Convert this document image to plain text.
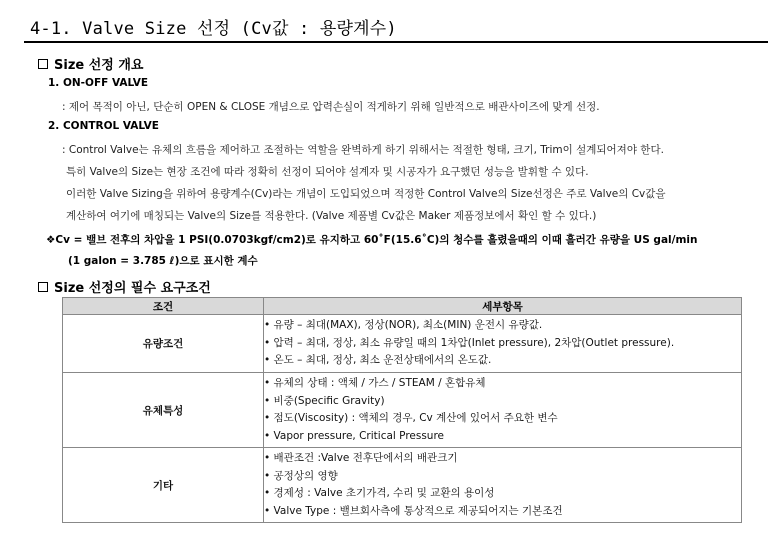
4-1. Valve Size 선정 (Cv값 : 용량계수)
Size 선정 개요
1. ON-OFF VALVE
: 제어 목적이 아닌, 단순히 OPEN & CLOSE 개념으로 압력손실이 적게하기 위해 일반적으로 배관사이즈에 맞게 선정.
2. CONTROL VALVE
: Control Valve는 유체의 흐름을 제어하고 조절하는 역할을 완벽하게 하기 위해서는 적절한 형태, 크기, Trim이 설계되어져야 한다.
특히 Valve의 Size는 현장 조건에 따라 정확히 선정이 되어야 설계자 및 시공자가 요구했던 성능을 발휘할 수 있다.
이러한 Valve Sizing을 위하여 용량계수(Cv)라는 개념이 도입되었으며 적정한 Control Valve의 Size선정은 주로 Valve의 Cv값을
계산하여 여기에 매칭되는 Valve의 Size를 적용한다. (Valve 제품별 Cv값은 Maker 제품정보에서 확인 할 수 있다.)
❖Cv = 밸브 전후의 차압을 1 PSI(0.0703kgf/cm2)로 유지하고 60˚F(15.6˚C)의 청수를 흘렸을때의 이때 흘러간 유량을 US gal/min
(1 galon = 3.785 ℓ)으로 표시한 계수
Size 선정의 필수 요구조건
조건	세부항목
유량조건	• 유량 – 최대(MAX), 정상(NOR), 최소(MIN) 운전시 유량값.
• 압력 – 최대, 정상, 최소 유량일 때의 1차압(Inlet pressure), 2차압(Outlet pressure).
• 온도 – 최대, 정상, 최소 운전상태에서의 온도값.

유체특성	• 유체의 상태 : 액체 / 가스 / STEAM / 혼합유체
• 비중(Specific Gravity)
• 점도(Viscosity) : 액체의 경우, Cv 계산에 있어서 주요한 변수
• Vapor pressure, Critical Pressure

기타	• 배관조건 :Valve 전후단에서의 배관크기
• 공정상의 영향
• 경제성 : Valve 초기가격, 수리 및 교환의 용이성
• Valve Type : 밸브회사측에 통상적으로 제공되어지는 기본조건
